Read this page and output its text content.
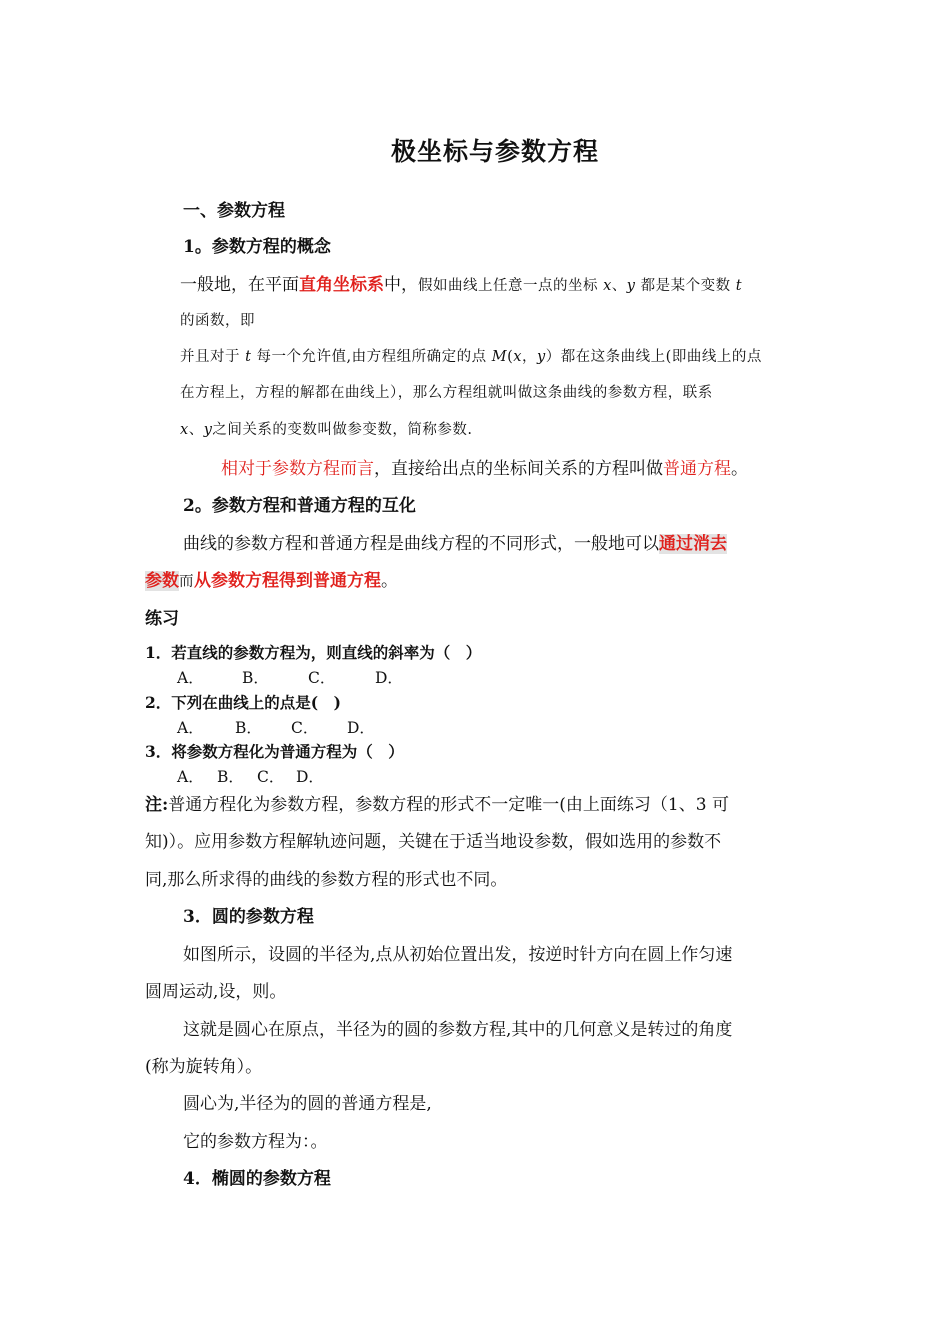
极坐标与参数方程
一、参数方程
1。参数方程的概念
一般地，在平面直角坐标系中，假如曲线上任意一点的坐标 x、y 都是某个变数 t
的函数，即
并且对于 t 每一个允许值,由方程组所确定的点 M(x，y）都在这条曲线上(即曲线上的点
在方程上，方程的解都在曲线上），那么方程组就叫做这条曲线的参数方程，联系
x、y之间关系的变数叫做参变数，简称参数.
相对于参数方程而言，直接给出点的坐标间关系的方程叫做普通方程。
2。参数方程和普通方程的互化
曲线的参数方程和普通方程是曲线方程的不同形式，一般地可以通过消去
参数而从参数方程得到普通方程。
练习
1．若直线的参数方程为，则直线的斜率为（　）
A． B．	C．	D．
2．下列在曲线上的点是(　)
A． B． C． D．
3．将参数方程化为普通方程为（　）
A． B． C． D．
注:普通方程化为参数方程，参数方程的形式不一定唯一(由上面练习（1、3 可
知)）。应用参数方程解轨迹问题，关键在于适当地设参数，假如选用的参数不
同,那么所求得的曲线的参数方程的形式也不同。
3．圆的参数方程
如图所示，设圆的半径为,点从初始位置出发，按逆时针方向在圆上作匀速
圆周运动,设，则。
这就是圆心在原点，半径为的圆的参数方程,其中的几何意义是转过的角度
(称为旋转角）。
圆心为,半径为的圆的普通方程是,
它的参数方程为：。
4．椭圆的参数方程
